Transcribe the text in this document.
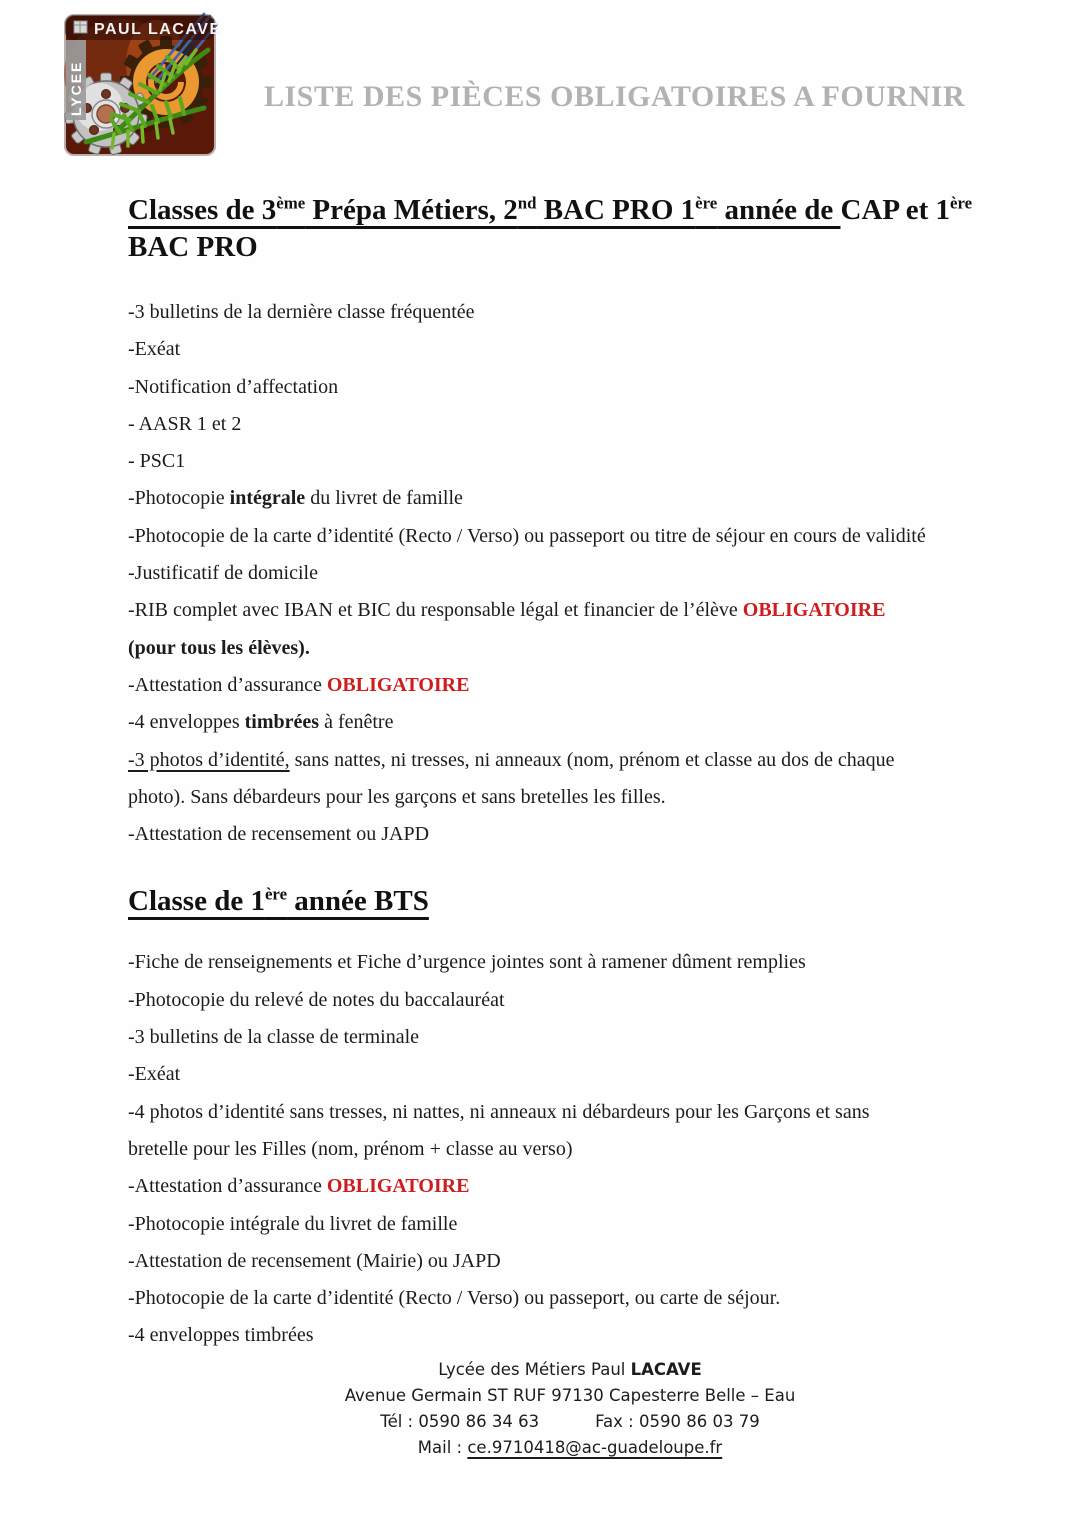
PAUL LACAVE
LYCEE	LISTE DES PIÈCES OBLIGATOIRES A FOURNIR
Classes de 3ème Prépa Métiers, 2nd BAC PRO 1ère année de CAP et 1ère
BAC PRO

-3 bulletins de la dernière classe fréquentée

-Exéat

-Notification d’affectation

- AASR 1 et 2

- PSC1

-Photocopie intégrale du livret de famille

-Photocopie de la carte d’identité (Recto / Verso) ou passeport ou titre de séjour en cours de validité

-Justificatif de domicile

-RIB complet avec IBAN et BIC du responsable légal et financier de l’élève OBLIGATOIRE
(pour tous les élèves).

-Attestation d’assurance OBLIGATOIRE

-4 enveloppes timbrées à fenêtre

-3 photos d’identité, sans nattes, ni tresses, ni anneaux (nom, prénom et classe au dos de chaque
photo). Sans débardeurs pour les garçons et sans bretelles les filles.

-Attestation de recensement ou JAPD

Classe de 1ère année BTS

-Fiche de renseignements et Fiche d’urgence jointes sont à ramener dûment remplies

-Photocopie du relevé de notes du baccalauréat

-3 bulletins de la classe de terminale

-Exéat

-4 photos d’identité sans tresses, ni nattes, ni anneaux ni débardeurs pour les Garçons et sans
bretelle pour les Filles (nom, prénom + classe au verso)

-Attestation d’assurance OBLIGATOIRE

-Photocopie intégrale du livret de famille

-Attestation de recensement (Mairie) ou JAPD

-Photocopie de la carte d’identité (Recto / Verso) ou passeport, ou carte de séjour.

-4 enveloppes timbrées

Lycée des Métiers Paul LACAVE

Avenue Germain ST RUF 97130 Capesterre Belle – Eau

Tél : 0590 86 34 63	Fax : 0590 86 03 79

Mail : ce.9710418@ac-guadeloupe.fr
